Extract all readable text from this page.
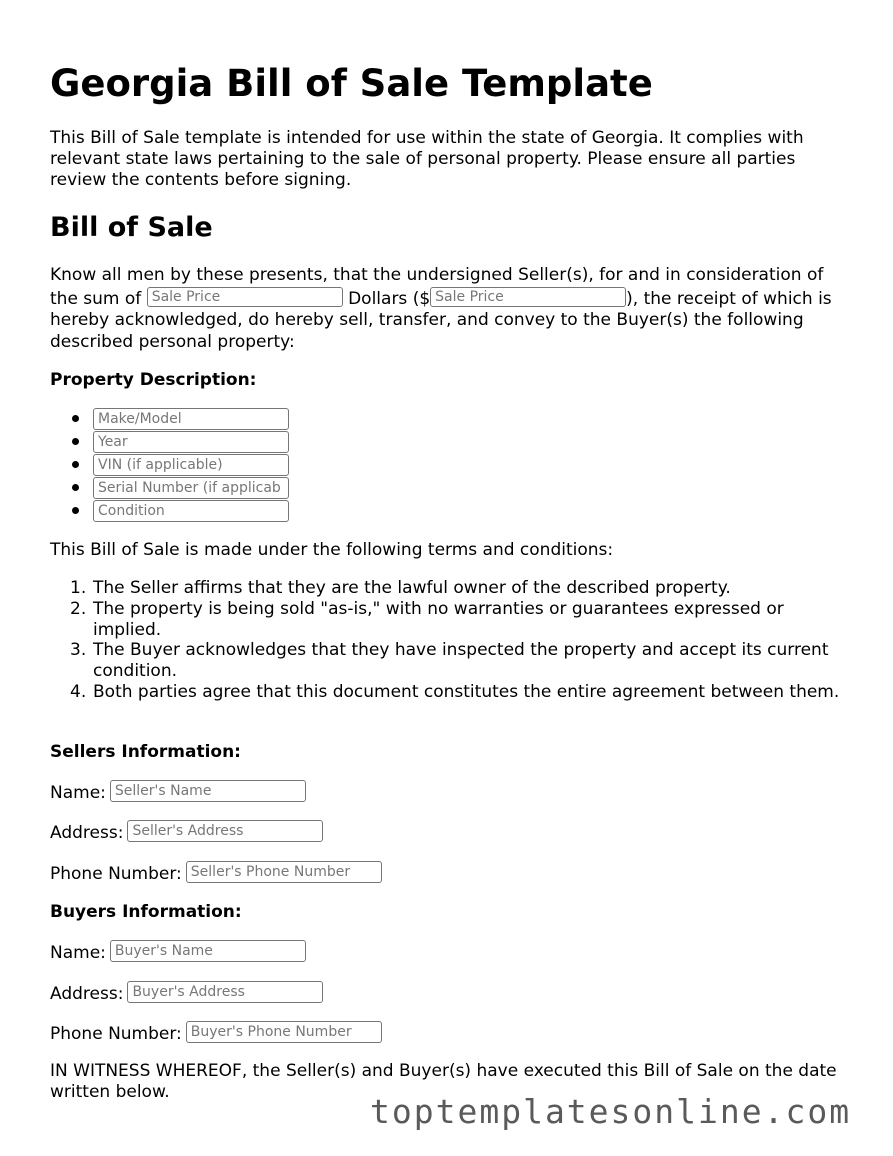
Georgia Bill of Sale Template

This Bill of Sale template is intended for use within the state of Georgia. It complies with relevant state laws pertaining to the sale of personal property. Please ensure all parties review the contents before signing.

Bill of Sale

Know all men by these presents, that the undersigned Seller(s), for and in consideration of the sum of Sale Price	Dollars ($ Sale Price	), the receipt of which is hereby acknowledged, do hereby sell, transfer, and convey to the Buyer(s) the following described personal property:

Property Description:

Make/Model
Year
VIN (if applicable)
Serial Number (if applicab
Condition

This Bill of Sale is made under the following terms and conditions:

1. The Seller affirms that they are the lawful owner of the described property.
2. The property is being sold "as-is," with no warranties or guarantees expressed or implied.
3. The Buyer acknowledges that they have inspected the property and accept its current condition.
4. Both parties agree that this document constitutes the entire agreement between them.

Sellers Information:

Name: Seller's Name
Address: Seller's Address
Phone Number: Seller's Phone Number

Buyers Information:

Name: Buyer's Name
Address: Buyer's Address
Phone Number: Buyer's Phone Number

IN WITNESS WHEREOF, the Seller(s) and Buyer(s) have executed this Bill of Sale on the date written below.	toptemplatesonline.com
